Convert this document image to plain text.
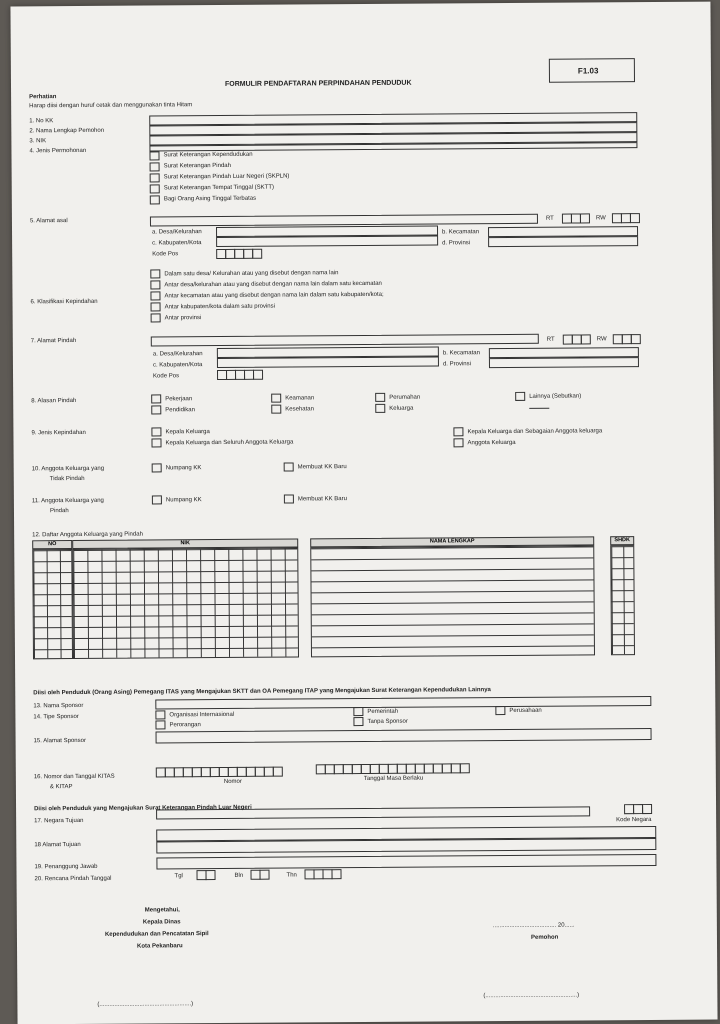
F1.03
FORMULIR PENDAFTARAN PERPINDAHAN PENDUDUK
Perhatian
Harap diisi dengan huruf cetak dan menggunakan tinta Hitam
1. No KK
2. Nama Lengkap Pemohon
3. NIK
4. Jenis Permohonan
Surat Keterangan Kependudukan
Surat Keterangan Pindah
Surat Keterangan Pindah Luar Negeri (SKPLN)
Surat Keterangan Tempat Tinggal (SKTT)
Bagi Orang Asing Tinggal Terbatas
5. Alamat asal	RT	RW
a. Desa/Kelurahan	b. Kecamatan
c. Kabupaten/Kota	d. Provinsi
Kode Pos
6. Klasifikasi Kepindahan
Dalam satu desa/ Kelurahan atau yang disebut dengan nama lain
Antar desa/kelurahan atau yang disebut dengan nama lain dalam satu kecamatan
Antar kecamatan atau yang disebut dengan nama lain dalam satu kabupaten/kota;
Antar kabupaten/kota dalam satu provinsi
Antar provinsi
7. Alamat Pindah	RT	RW
a. Desa/Kelurahan	b. Kecamatan
c. Kabupaten/Kota	d. Provinsi
Kode Pos
8. Alasan Pindah	Pekerjaan
Pendidikan
Keamanan
Kesehatan
Perumahan
Keluarga
Lainnya (Sebutkan)
9. Jenis Kepindahan	Kepala Keluarga
Kepala Keluarga dan Seluruh Anggota Keluarga
Kepala Keluarga dan Sebagaian Anggota keluarga
Anggota Keluarga
10. Anggota Keluarga yang
Tidak Pindah
Numpang KK	Membuat KK Baru
11. Anggota Keluarga yang
Pindah
Numpang KK	Membuat KK Baru
12. Daftar Anggota Keluarga yang Pindah
NO	NIK	NAMA LENGKAP	SHDK
Diisi oleh Penduduk (Orang Asing) Pemegang ITAS yang Mengajukan SKTT dan OA Pemegang ITAP yang Mengajukan Surat Keterangan Kependudukan Lainnya
13. Nama Sponsor
14. Tipe Sponsor	Organisasi Internasional
Perorangan
Pemerintah
Tanpa Sponsor
Perusahaan
15. Alamat Sponsor
16. Nomor dan Tanggal KITAS
& KITAP
Nomor	Tanggal Masa Berlaku
Diisi oleh Penduduk yang Mengajukan Surat Keterangan Pindah Luar Negeri
17. Negara Tujuan	Kode Negara
18 Alamat Tujuan
19. Penanggung Jawab
20. Rencana Pindah Tanggal	Tgl	Bln	Thn
Mengetahui,
Kepala Dinas
Kependudukan dan Pencatatan Sipil
Kota Pekanbaru
...................................... 20......
Pemohon
(.......................................................)
(.......................................................)
